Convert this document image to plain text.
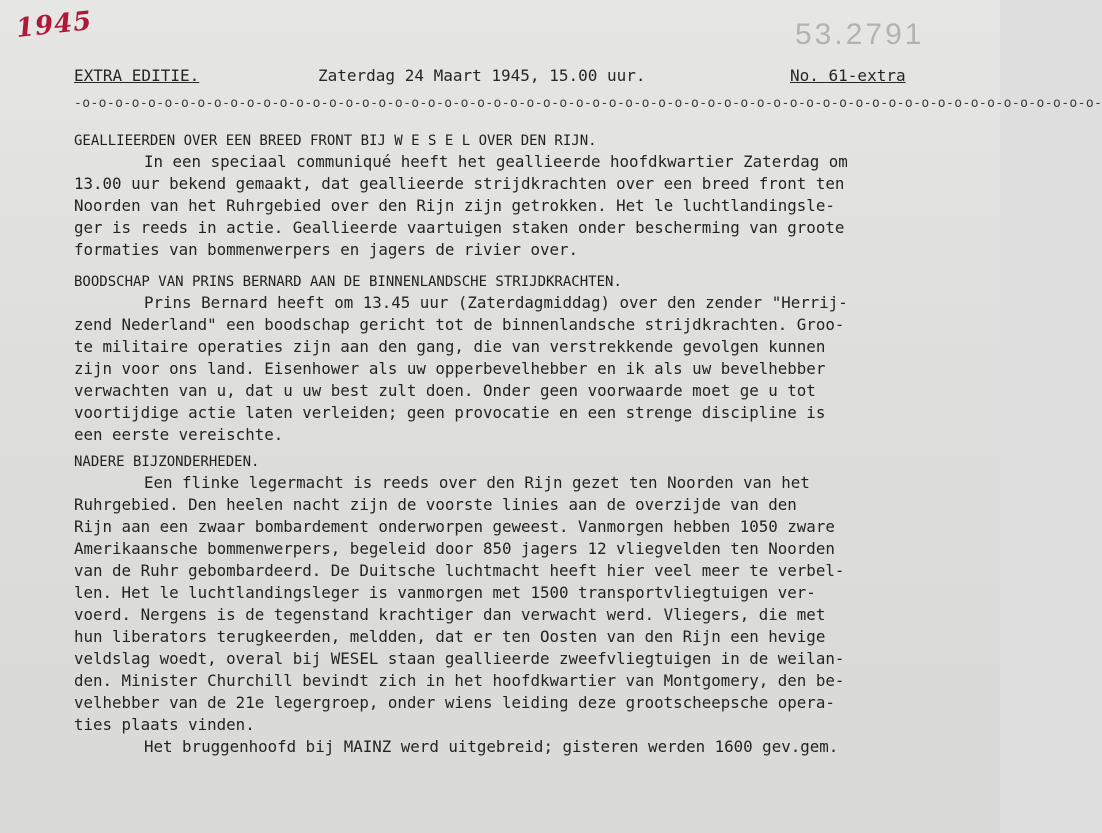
1945	53.2791
EXTRA EDITIE.	Zaterdag 24 Maart 1945, 15.00 uur.	No. 61-extra
-o-o-o-o-o-o-o-o-o-o-o-o-o-o-o-o-o-o-o-o-o-o-o-o-o-o-o-o-o-o-o-o-o-o-o-o-o-o-o-o-o-o-o-o-o-o-o-o-o-o-o-o-o-o-o-o-o-o-o-o-o-o-
GEALLIEERDEN OVER EEN BREED FRONT BIJ W E S E L OVER DEN RIJN.
In een speciaal communiqué heeft het geallieerde hoofdkwartier Zaterdag om
13.00 uur bekend gemaakt, dat geallieerde strijdkrachten over een breed front ten
Noorden van het Ruhrgebied over den Rijn zijn getrokken. Het le luchtlandingsle-
ger is reeds in actie. Geallieerde vaartuigen staken onder bescherming van groote
formaties van bommenwerpers en jagers de rivier over.
BOODSCHAP VAN PRINS BERNARD AAN DE BINNENLANDSCHE STRIJDKRACHTEN.
Prins Bernard heeft om 13.45 uur (Zaterdagmiddag) over den zender "Herrij-
zend Nederland" een boodschap gericht tot de binnenlandsche strijdkrachten. Groo-
te militaire operaties zijn aan den gang, die van verstrekkende gevolgen kunnen
zijn voor ons land. Eisenhower als uw opperbevelhebber en ik als uw bevelhebber
verwachten van u, dat u uw best zult doen. Onder geen voorwaarde moet ge u tot
voortijdige actie laten verleiden; geen provocatie en een strenge discipline is
een eerste vereischte.
NADERE BIJZONDERHEDEN.
Een flinke legermacht is reeds over den Rijn gezet ten Noorden van het
Ruhrgebied. Den heelen nacht zijn de voorste linies aan de overzijde van den
Rijn aan een zwaar bombardement onderworpen geweest. Vanmorgen hebben 1050 zware
Amerikaansche bommenwerpers, begeleid door 850 jagers 12 vliegvelden ten Noorden
van de Ruhr gebombardeerd. De Duitsche luchtmacht heeft hier veel meer te verbel-
len. Het le luchtlandingsleger is vanmorgen met 1500 transportvliegtuigen ver-
voerd. Nergens is de tegenstand krachtiger dan verwacht werd. Vliegers, die met
hun liberators terugkeerden, meldden, dat er ten Oosten van den Rijn een hevige
veldslag woedt, overal bij WESEL staan geallieerde zweefvliegtuigen in de weilan-
den. Minister Churchill bevindt zich in het hoofdkwartier van Montgomery, den be-
velhebber van de 21e legergroep, onder wiens leiding deze grootscheepsche opera-
ties plaats vinden.
Het bruggenhoofd bij MAINZ werd uitgebreid; gisteren werden 1600 gev.gem.
